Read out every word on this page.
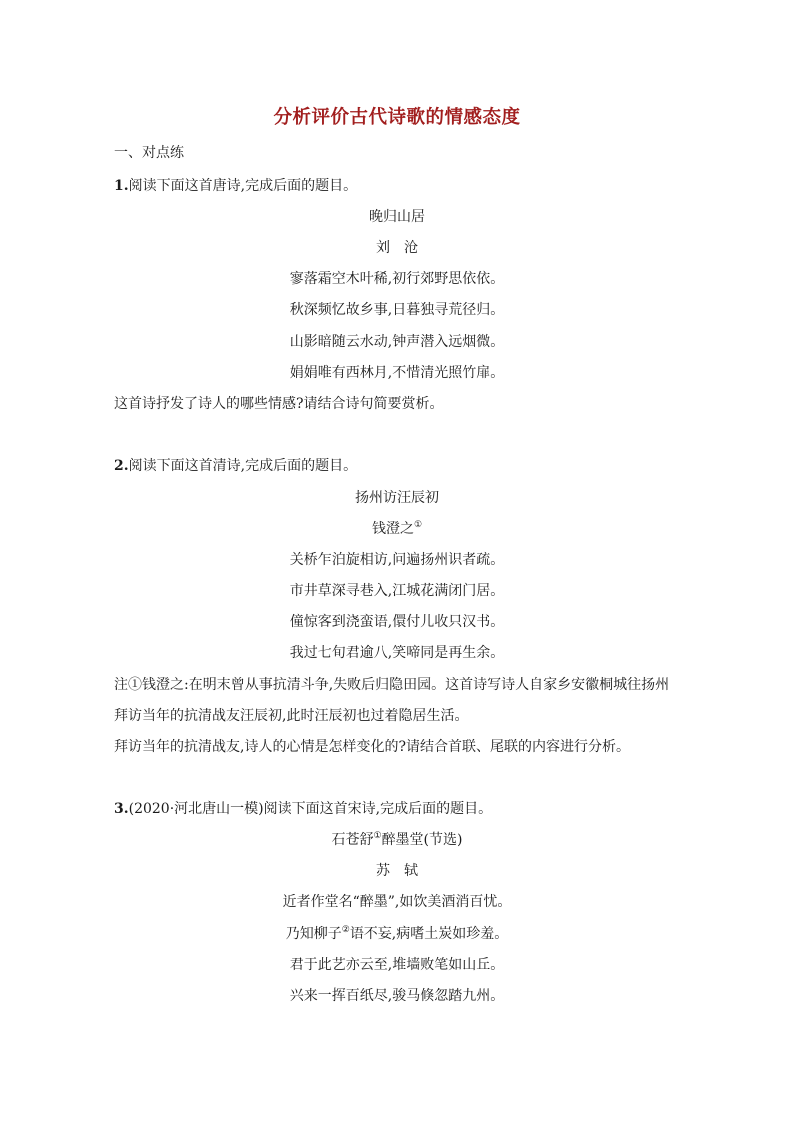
分析评价古代诗歌的情感态度
一、对点练
1.阅读下面这首唐诗,完成后面的题目。
晚归山居
刘　沧
寥落霜空木叶稀,初行郊野思依依。
秋深频忆故乡事,日暮独寻荒径归。
山影暗随云水动,钟声潜入远烟微。
娟娟唯有西林月,不惜清光照竹扉。
这首诗抒发了诗人的哪些情感?请结合诗句简要赏析。
2.阅读下面这首清诗,完成后面的题目。
扬州访汪辰初
钱澄之①
关桥乍泊旋相访,问遍扬州识者疏。
市井草深寻巷入,江城花满闭门居。
僮惊客到浇蛮语,儇付儿收只汉书。
我过七旬君逾八,笑啼同是再生余。
注①钱澄之:在明末曾从事抗清斗争,失败后归隐田园。这首诗写诗人自家乡安徽桐城往扬州
拜访当年的抗清战友汪辰初,此时汪辰初也过着隐居生活。
拜访当年的抗清战友,诗人的心情是怎样变化的?请结合首联、尾联的内容进行分析。
3.(2020·河北唐山一模)阅读下面这首宋诗,完成后面的题目。
石苍舒①醉墨堂(节选)
苏　轼
近者作堂名“醉墨”,如饮美酒消百忧。
乃知柳子②语不妄,病嗜土炭如珍羞。
君于此艺亦云至,堆墙败笔如山丘。
兴来一挥百纸尽,骏马倏忽踏九州。
